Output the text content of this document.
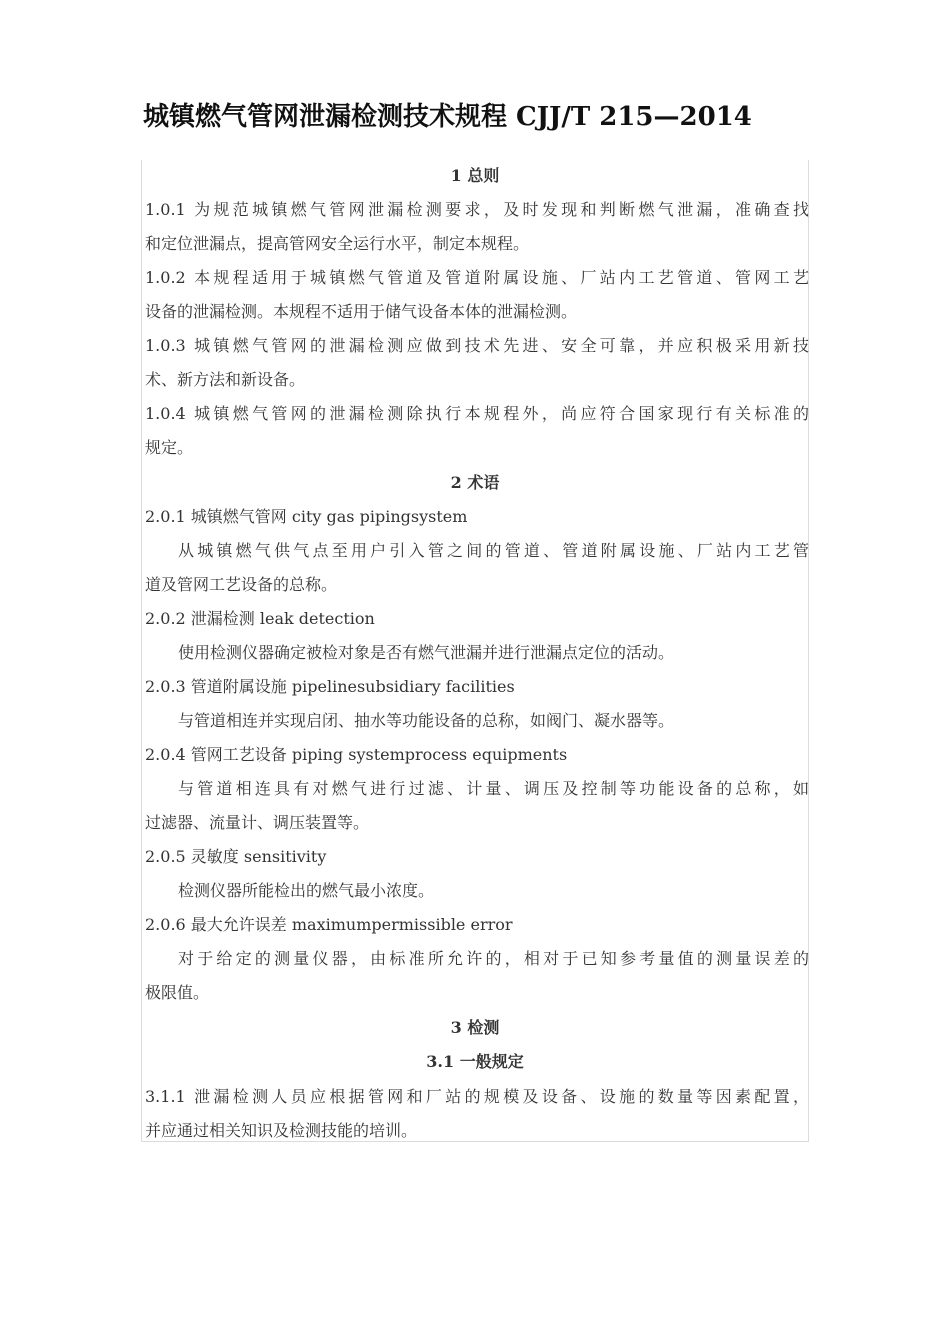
城镇燃气管网泄漏检测技术规程 CJJ/T 215—2014
1 总则
1.0.1 为规范城镇燃气管网泄漏检测要求，及时发现和判断燃气泄漏，准确查找
和定位泄漏点，提高管网安全运行水平，制定本规程。
1.0.2 本规程适用于城镇燃气管道及管道附属设施、厂站内工艺管道、管网工艺
设备的泄漏检测。本规程不适用于储气设备本体的泄漏检测。
1.0.3 城镇燃气管网的泄漏检测应做到技术先进、安全可靠，并应积极采用新技
术、新方法和新设备。
1.0.4 城镇燃气管网的泄漏检测除执行本规程外，尚应符合国家现行有关标准的
规定。
2 术语
2.0.1 城镇燃气管网 city gas pipingsystem
从城镇燃气供气点至用户引入管之间的管道、管道附属设施、厂站内工艺管
道及管网工艺设备的总称。
2.0.2 泄漏检测 leak detection
使用检测仪器确定被检对象是否有燃气泄漏并进行泄漏点定位的活动。
2.0.3 管道附属设施 pipelinesubsidiary facilities
与管道相连并实现启闭、抽水等功能设备的总称，如阀门、凝水器等。
2.0.4 管网工艺设备 piping systemprocess equipments
与管道相连具有对燃气进行过滤、计量、调压及控制等功能设备的总称，如
过滤器、流量计、调压装置等。
2.0.5 灵敏度 sensitivity
检测仪器所能检出的燃气最小浓度。
2.0.6 最大允许误差 maximumpermissible error
对于给定的测量仪器，由标准所允许的，相对于已知参考量值的测量误差的
极限值。
3 检测
3.1 一般规定
3.1.1 泄漏检测人员应根据管网和厂站的规模及设备、设施的数量等因素配置，
并应通过相关知识及检测技能的培训。
